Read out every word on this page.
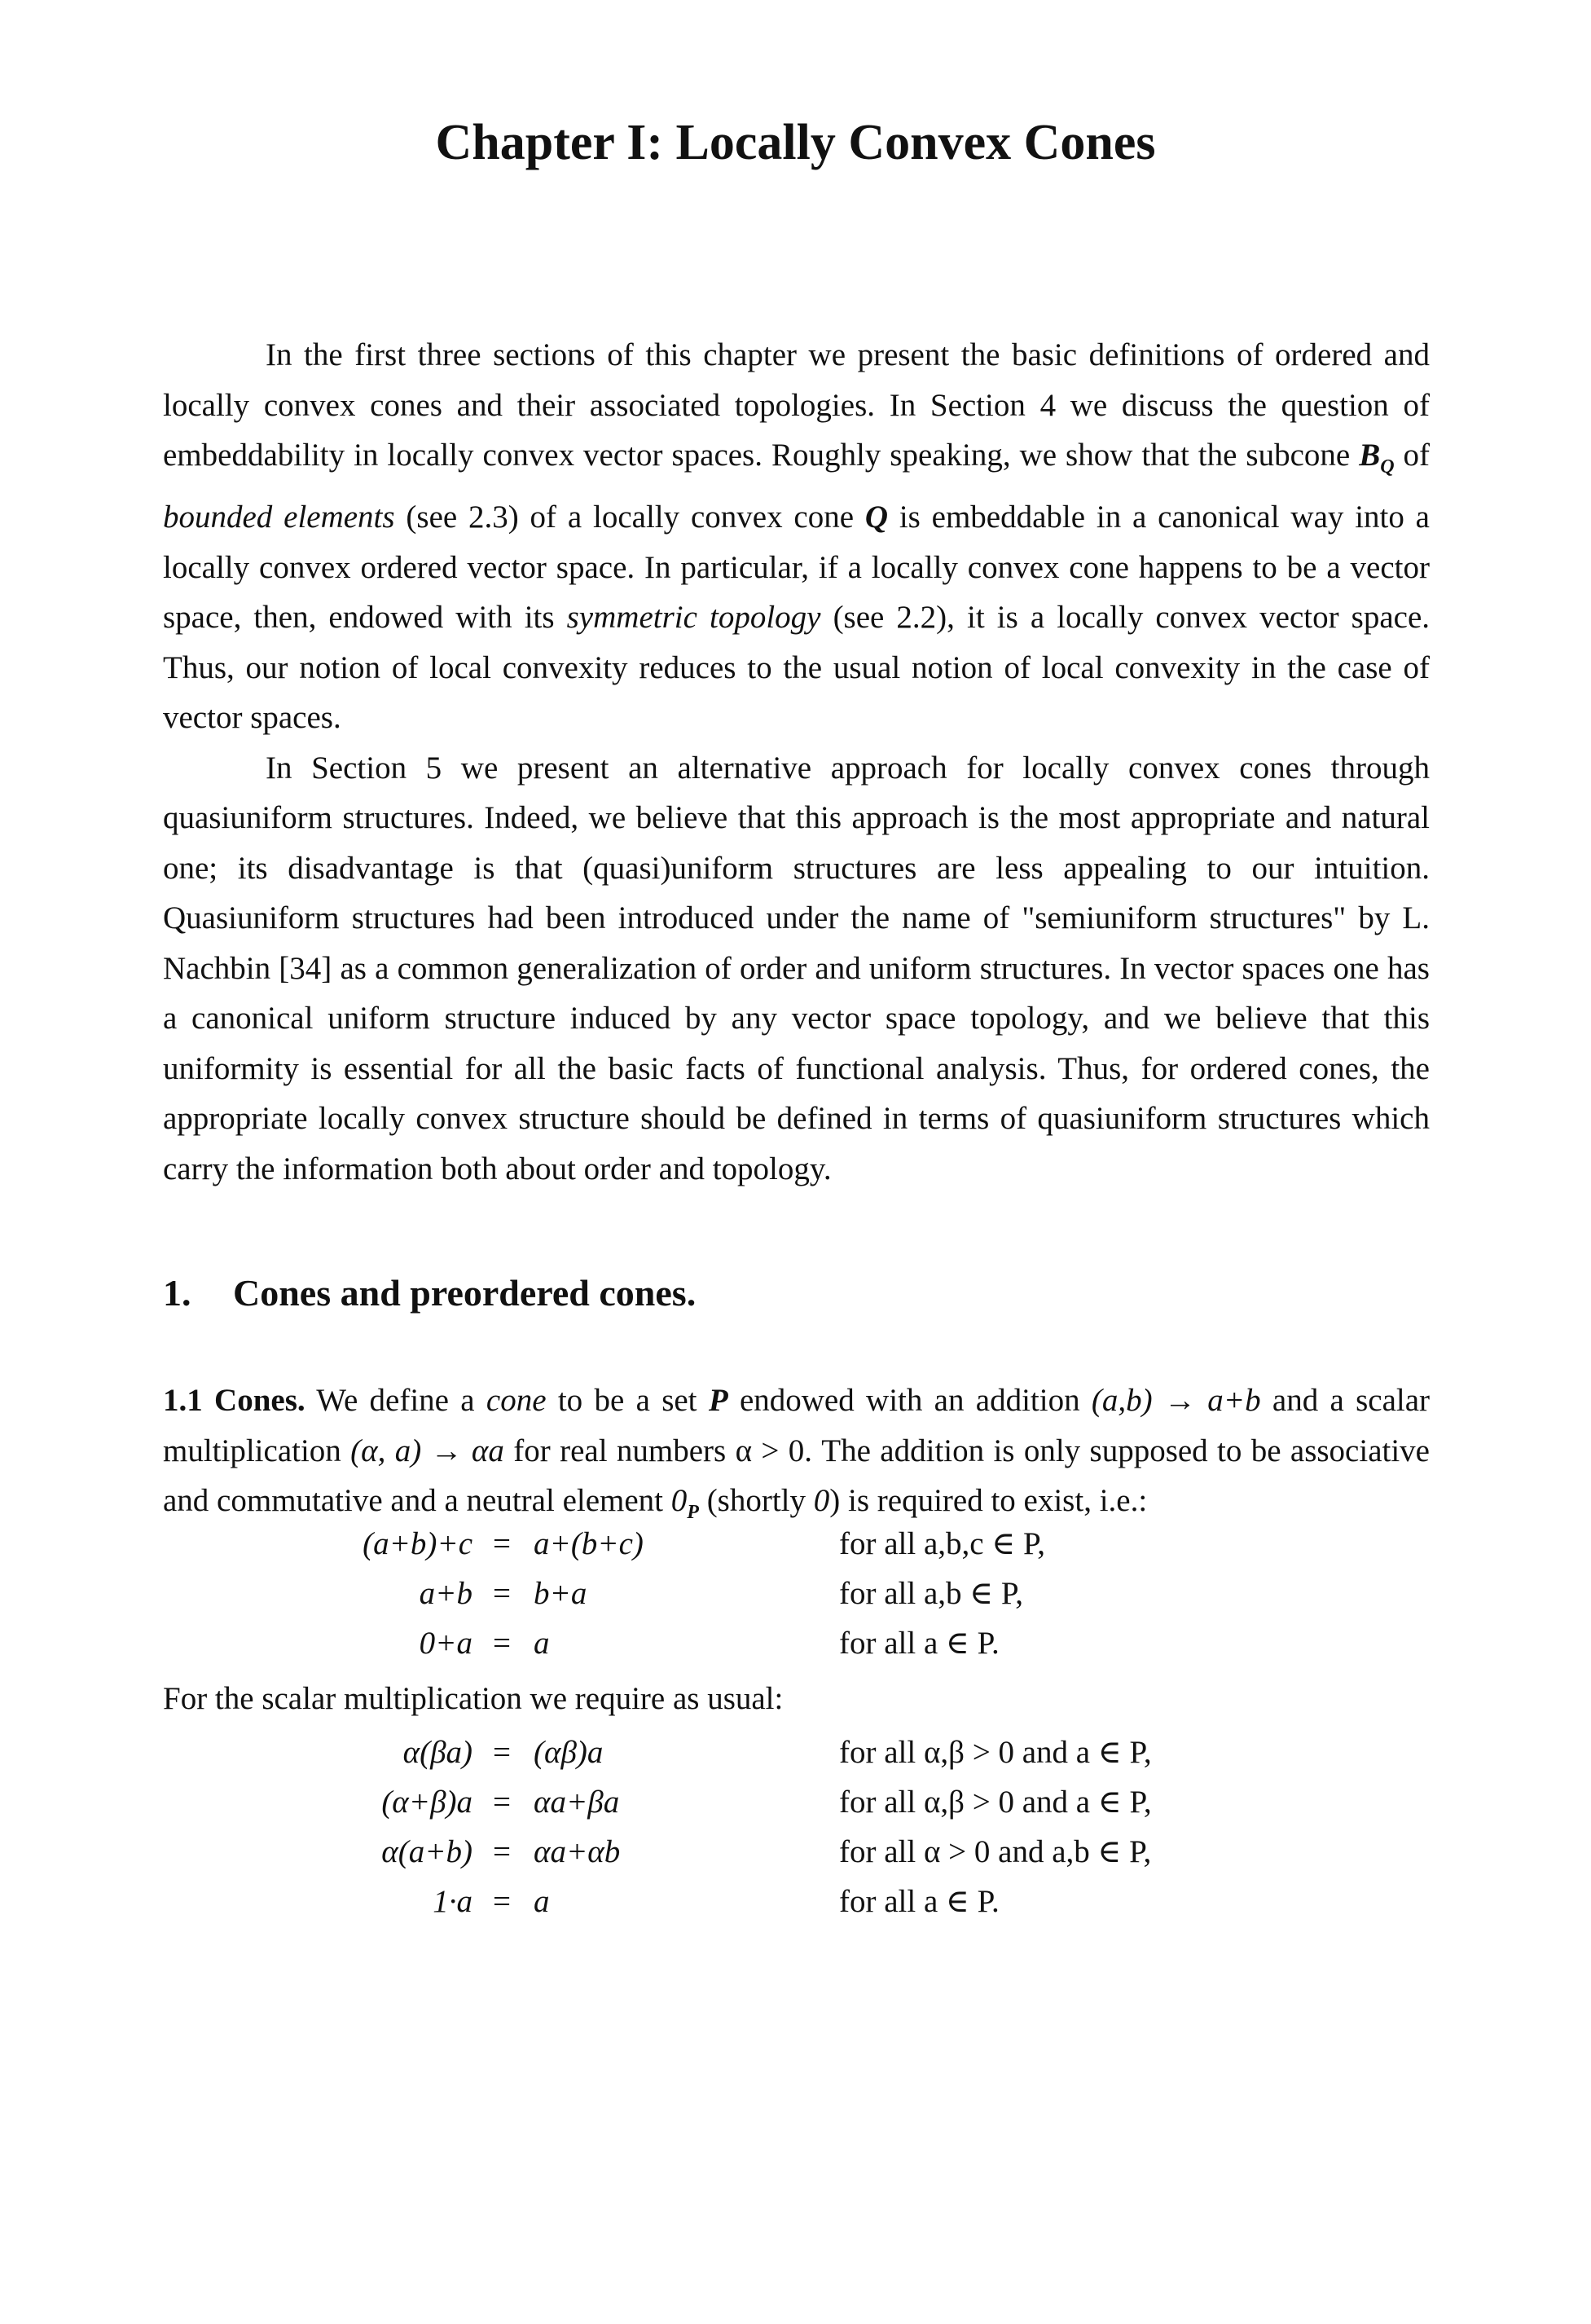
Chapter I: Locally Convex Cones

In the first three sections of this chapter we present the basic definitions of ordered and locally convex cones and their associated topologies. In Section 4 we discuss the question of embeddability in locally convex vector spaces. Roughly speaking, we show that the subcone $B_Q$ of bounded elements (see 2.3) of a locally convex cone Q is embeddable in a canonical way into a locally convex ordered vector space. In particular, if a locally convex cone happens to be a vector space, then, endowed with its symmetric topology (see 2.2), it is a locally convex vector space. Thus, our notion of local convexity reduces to the usual notion of local convexity in the case of vector spaces.

In Section 5 we present an alternative approach for locally convex cones through quasiuniform structures. Indeed, we believe that this approach is the most appropriate and natural one; its disadvantage is that (quasi)uniform structures are less appealing to our intuition. Quasiuniform structures had been introduced under the name of "semiuniform structures" by L. Nachbin [34] as a common generalization of order and uniform structures. In vector spaces one has a canonical uniform structure induced by any vector space topology, and we believe that this uniformity is essential for all the basic facts of functional analysis. Thus, for ordered cones, the appropriate locally convex structure should be defined in terms of quasiuniform structures which carry the information both about order and topology.

1. Cones and preordered cones.

1.1 Cones. We define a cone to be a set P endowed with an addition (a,b) → a+b and a scalar multiplication (α, a) → αa for real numbers α > 0. The addition is only supposed to be associative and commutative and a neutral element $0_P$ (shortly 0) is required to exist, i.e.:

(a+b)+c = a+(b+c)	for all a,b,c ∈ P,
a+b = b+a	for all a,b ∈ P,
0+a = a	for all a ∈ P.

For the scalar multiplication we require as usual:

α(βa) = (αβ)a	for all α,β > 0 and a ∈ P,
(α+β)a = αa+βa	for all α,β > 0 and a ∈ P,
α(a+b) = αa+αb	for all α > 0 and a,b ∈ P,
1·a = a	for all a ∈ P.
